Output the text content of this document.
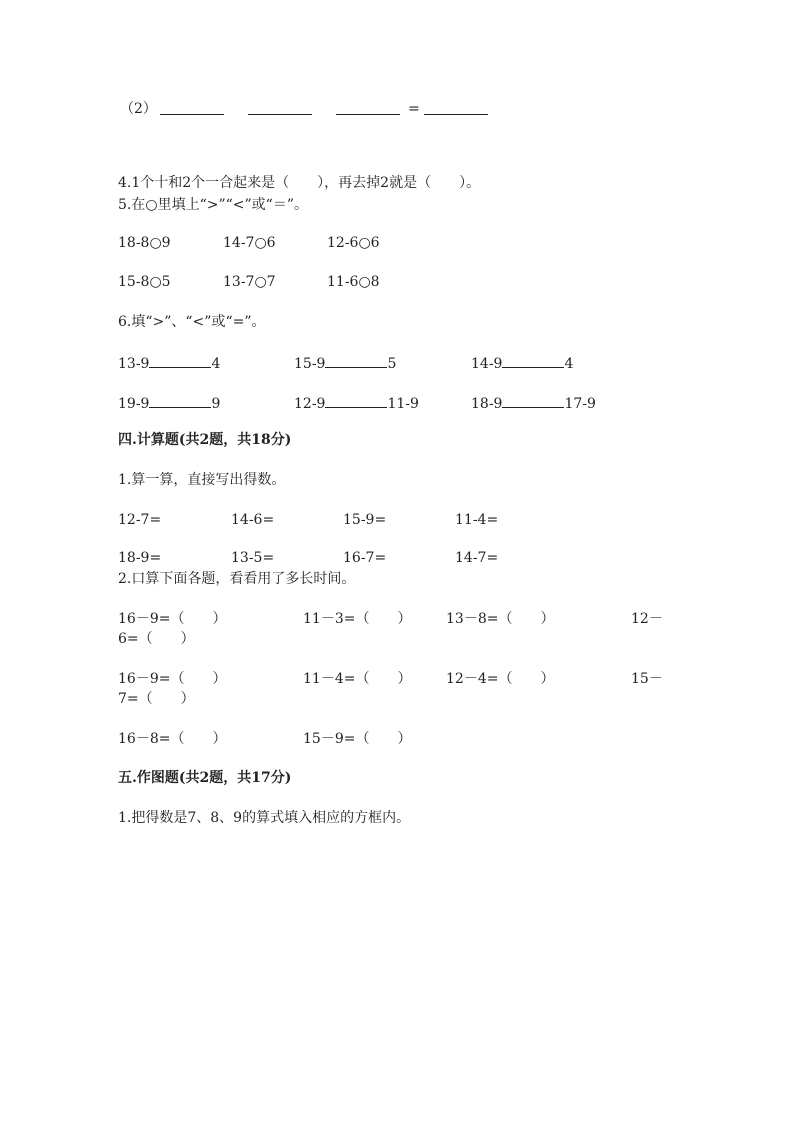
（2）	=
4.1个十和2个一合起来是（　　），再去掉2就是（　　）。
5.在○里填上“>”“<”或“＝”。
18-8○9	14-7○6	12-6○6
15-8○5	13-7○7	11-6○8
6.填“>”、“<”或“=”。
13-9	4	15-9	5	14-9	4
19-9	9	12-9	11-9	18-9	17-9
四.计算题(共2题，共18分)
1.算一算，直接写出得数。
12-7=	14-6=	15-9=	11-4=
18-9=	13-5=	16-7=	14-7=
2.口算下面各题，看看用了多长时间。
16－9=（　　）	11－3=（　　） 13－8=（　　）	12－
6=（　　）
16－9=（　　）	11－4=（　　） 12－4=（　　）	15－
7=（　　）
16－8=（　　）	15－9=（　　）
五.作图题(共2题，共17分)
1.把得数是7、8、9的算式填入相应的方框内。
